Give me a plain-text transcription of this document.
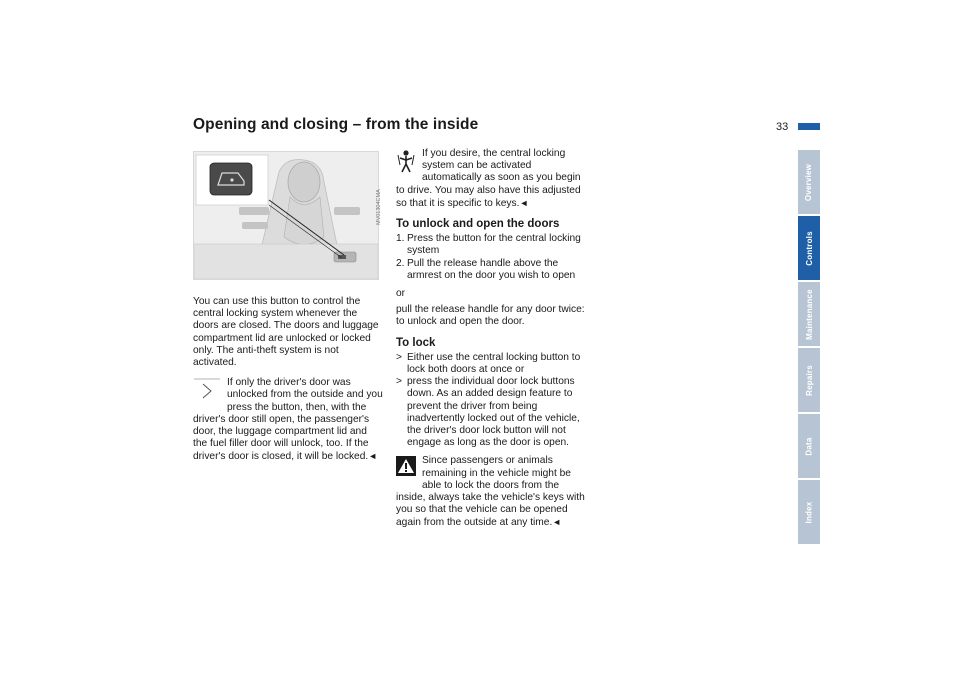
Opening and closing – from the inside	33
Overview
Controls
Maintenance
Repairs
Data
Index
MV01304CMA

You can use this button to control the central locking system whenever the doors are closed. The doors and luggage compartment lid are unlocked or locked only. The anti-theft system is not activated.

If only the driver's door was unlocked from the outside and you press the button, then, with the driver's door still open, the passenger's door, the luggage compartment lid and the fuel filler door will unlock, too. If the driver's door is closed, it will be locked.◄
If you desire, the central locking system can be activated automatically as soon as you begin to drive. You may also have this adjusted so that it is specific to keys.◄
To unlock and open the doors
1. Press the button for the central locking system
2. Pull the release handle above the armrest on the door you wish to open

or

pull the release handle for any door twice: to unlock and open the door.

To lock
> Either use the central locking button to lock both doors at once or
> press the individual door lock buttons down. As an added design feature to prevent the driver from being inadvertently locked out of the vehicle, the driver's door lock button will not engage as long as the door is open.
Since passengers or animals remaining in the vehicle might be able to lock the doors from the inside, always take the vehicle's keys with you so that the vehicle can be opened again from the outside at any time.◄
